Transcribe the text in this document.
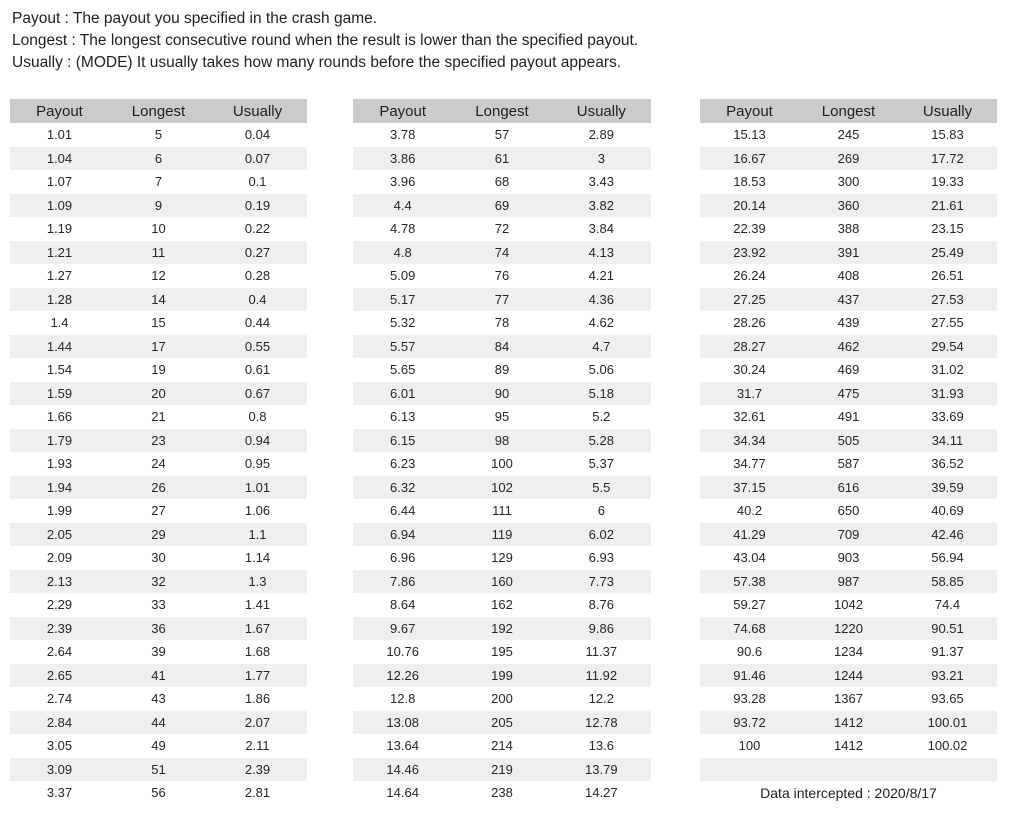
Payout : The payout you specified in the crash game.
Longest : The longest consecutive round when the result is lower than the specified payout.
Usually : (MODE) It usually takes how many rounds before the specified payout appears.
Payout	Longest	Usually
1.01	5	0.04
1.04	6	0.07
1.07	7	0.1
1.09	9	0.19
1.19	10	0.22
1.21	11	0.27
1.27	12	0.28
1.28	14	0.4
1.4	15	0.44
1.44	17	0.55
1.54	19	0.61
1.59	20	0.67
1.66	21	0.8
1.79	23	0.94
1.93	24	0.95
1.94	26	1.01
1.99	27	1.06
2.05	29	1.1
2.09	30	1.14
2.13	32	1.3
2.29	33	1.41
2.39	36	1.67
2.64	39	1.68
2.65	41	1.77
2.74	43	1.86
2.84	44	2.07
3.05	49	2.11
3.09	51	2.39
3.37	56	2.81
Payout	Longest	Usually
3.78	57	2.89
3.86	61	3
3.96	68	3.43
4.4	69	3.82
4.78	72	3.84
4.8	74	4.13
5.09	76	4.21
5.17	77	4.36
5.32	78	4.62
5.57	84	4.7
5.65	89	5.06
6.01	90	5.18
6.13	95	5.2
6.15	98	5.28
6.23	100	5.37
6.32	102	5.5
6.44	111	6
6.94	119	6.02
6.96	129	6.93
7.86	160	7.73
8.64	162	8.76
9.67	192	9.86
10.76	195	11.37
12.26	199	11.92
12.8	200	12.2
13.08	205	12.78
13.64	214	13.6
14.46	219	13.79
14.64	238	14.27
Payout	Longest	Usually
15.13	245	15.83
16.67	269	17.72
18.53	300	19.33
20.14	360	21.61
22.39	388	23.15
23.92	391	25.49
26.24	408	26.51
27.25	437	27.53
28.26	439	27.55
28.27	462	29.54
30.24	469	31.02
31.7	475	31.93
32.61	491	33.69
34.34	505	34.11
34.77	587	36.52
37.15	616	39.59
40.2	650	40.69
41.29	709	42.46
43.04	903	56.94
57.38	987	58.85
59.27	1042	74.4
74.68	1220	90.51
90.6	1234	91.37
91.46	1244	93.21
93.28	1367	93.65
93.72	1412	100.01
100	1412	100.02
Data intercepted : 2020/8/17
